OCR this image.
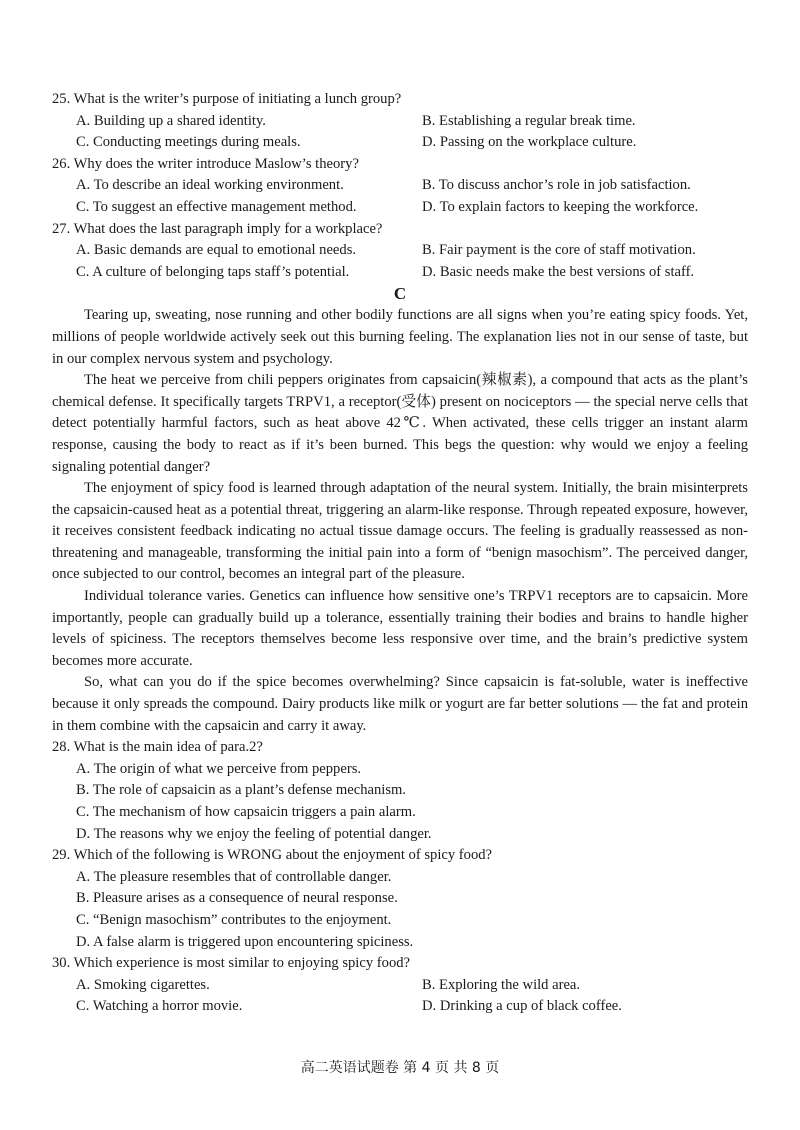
25. What is the writer’s purpose of initiating a lunch group?
A. Building up a shared identity.	B. Establishing a regular break time.
C. Conducting meetings during meals.	D. Passing on the workplace culture.
26. Why does the writer introduce Maslow’s theory?
A. To describe an ideal working environment.	B. To discuss anchor’s role in job satisfaction.
C. To suggest an effective management method.	D. To explain factors to keeping the workforce.
27. What does the last paragraph imply for a workplace?
A. Basic demands are equal to emotional needs.	B. Fair payment is the core of staff motivation.
C. A culture of belonging taps staff’s potential.	D. Basic needs make the best versions of staff.
C

Tearing up, sweating, nose running and other bodily functions are all signs when you’re eating spicy foods. Yet, millions of people worldwide actively seek out this burning feeling. The explanation lies not in our sense of taste, but in our complex nervous system and psychology.

The heat we perceive from chili peppers originates from capsaicin(辣椒素), a compound that acts as the plant’s chemical defense. It specifically targets TRPV1, a receptor(受体) present on nociceptors — the special nerve cells that detect potentially harmful factors, such as heat above 42℃. When activated, these cells trigger an instant alarm response, causing the body to react as if it’s been burned. This begs the question: why would we enjoy a feeling signaling potential danger?

The enjoyment of spicy food is learned through adaptation of the neural system. Initially, the brain misinterprets the capsaicin-caused heat as a potential threat, triggering an alarm-like response. Through repeated exposure, however, it receives consistent feedback indicating no actual tissue damage occurs. The feeling is gradually reassessed as non-threatening and manageable, transforming the initial pain into a form of “benign masochism”. The perceived danger, once subjected to our control, becomes an integral part of the pleasure.

Individual tolerance varies. Genetics can influence how sensitive one’s TRPV1 receptors are to capsaicin. More importantly, people can gradually build up a tolerance, essentially training their bodies and brains to handle higher levels of spiciness. The receptors themselves become less responsive over time, and the brain’s predictive system becomes more accurate.

So, what can you do if the spice becomes overwhelming? Since capsaicin is fat-soluble, water is ineffective because it only spreads the compound. Dairy products like milk or yogurt are far better solutions — the fat and protein in them combine with the capsaicin and carry it away.

28. What is the main idea of para.2?
A. The origin of what we perceive from peppers.
B. The role of capsaicin as a plant’s defense mechanism.
C. The mechanism of how capsaicin triggers a pain alarm.
D. The reasons why we enjoy the feeling of potential danger.
29. Which of the following is WRONG about the enjoyment of spicy food?
A. The pleasure resembles that of controllable danger.
B. Pleasure arises as a consequence of neural response.
C. “Benign masochism” contributes to the enjoyment.
D. A false alarm is triggered upon encountering spiciness.
30. Which experience is most similar to enjoying spicy food?
A. Smoking cigarettes.	B. Exploring the wild area.
C. Watching a horror movie.	D. Drinking a cup of black coffee.
高二英语试题卷 第 4 页 共 8 页
